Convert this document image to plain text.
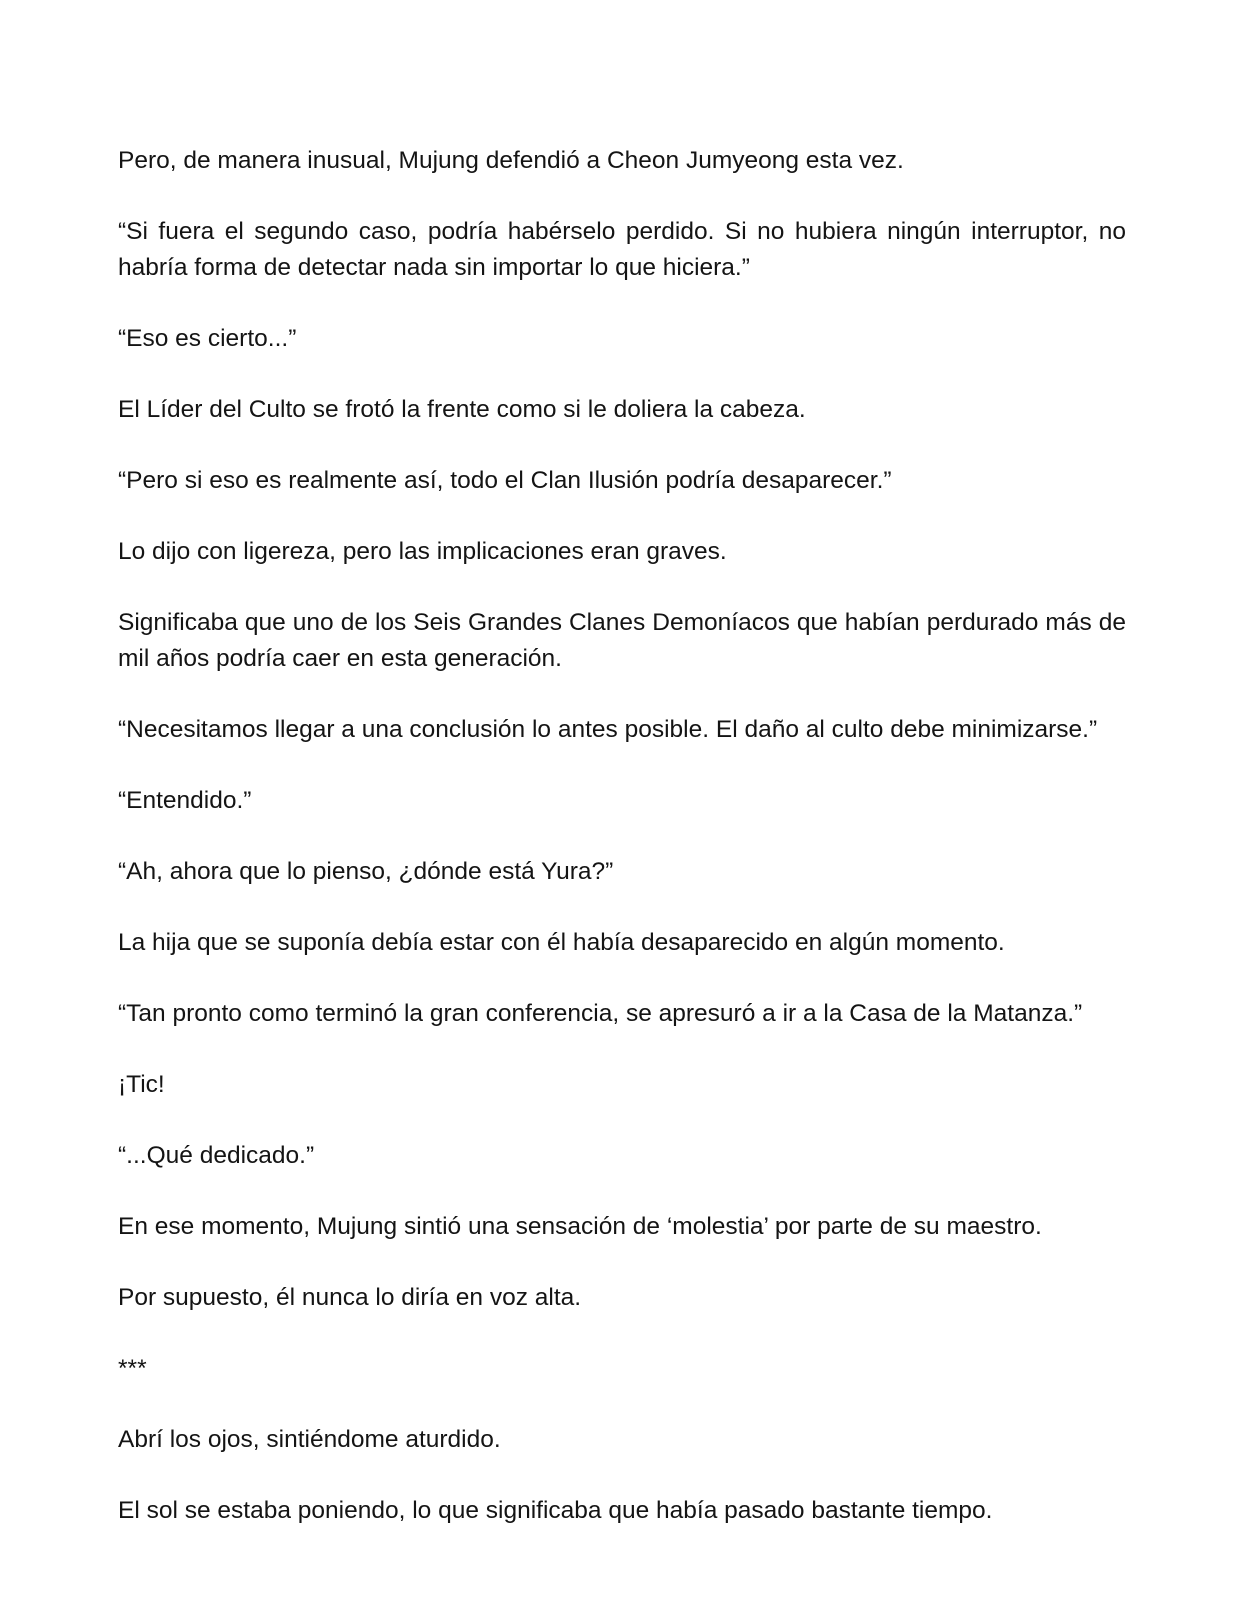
Pero, de manera inusual, Mujung defendió a Cheon Jumyeong esta vez.

“Si fuera el segundo caso, podría habérselo perdido. Si no hubiera ningún interruptor, no habría forma de detectar nada sin importar lo que hiciera.”

“Eso es cierto...”

El Líder del Culto se frotó la frente como si le doliera la cabeza.

“Pero si eso es realmente así, todo el Clan Ilusión podría desaparecer.”

Lo dijo con ligereza, pero las implicaciones eran graves.

Significaba que uno de los Seis Grandes Clanes Demoníacos que habían perdurado más de mil años podría caer en esta generación.

“Necesitamos llegar a una conclusión lo antes posible. El daño al culto debe minimizarse.”

“Entendido.”

“Ah, ahora que lo pienso, ¿dónde está Yura?”

La hija que se suponía debía estar con él había desaparecido en algún momento.

“Tan pronto como terminó la gran conferencia, se apresuró a ir a la Casa de la Matanza.”

¡Tic!

“...Qué dedicado.”

En ese momento, Mujung sintió una sensación de ‘molestia’ por parte de su maestro.

Por supuesto, él nunca lo diría en voz alta.

***

Abrí los ojos, sintiéndome aturdido.

El sol se estaba poniendo, lo que significaba que había pasado bastante tiempo.
